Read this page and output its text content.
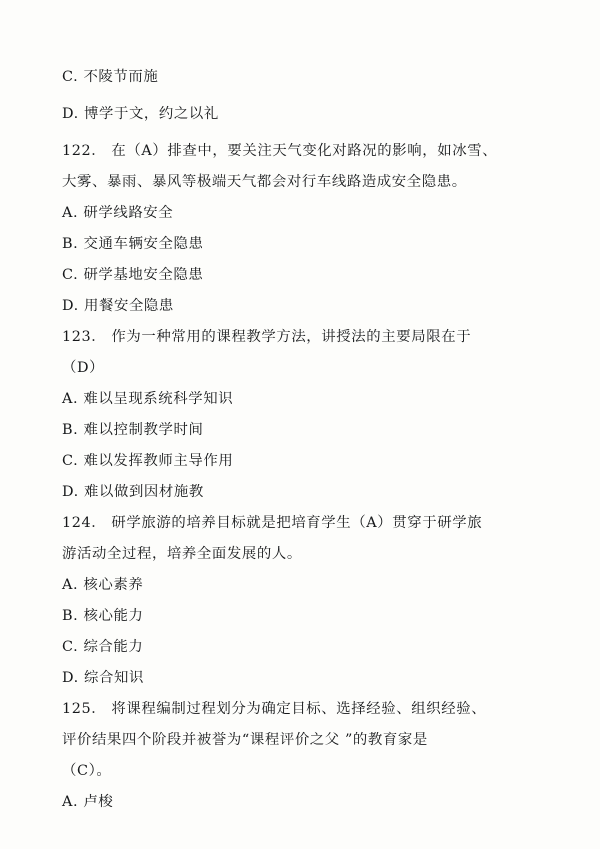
C. 不陵节而施

D. 博学于文，约之以礼

122． 在（A）排查中，要关注天气变化对路况的影响，如冰雪、

大雾、暴雨、暴风等极端天气都会对行车线路造成安全隐患。

A. 研学线路安全

B. 交通车辆安全隐患

C. 研学基地安全隐患

D. 用餐安全隐患

123． 作为一种常用的课程教学方法，讲授法的主要局限在于

（D）

A. 难以呈现系统科学知识

B. 难以控制教学时间

C. 难以发挥教师主导作用

D. 难以做到因材施教

124． 研学旅游的培养目标就是把培育学生（A）贯穿于研学旅

游活动全过程，培养全面发展的人。

A. 核心素养

B. 核心能力

C. 综合能力

D. 综合知识

125． 将课程编制过程划分为确定目标、选择经验、组织经验、

评价结果四个阶段并被誉为“课程评价之父 ”的教育家是

（C）。

A. 卢梭
